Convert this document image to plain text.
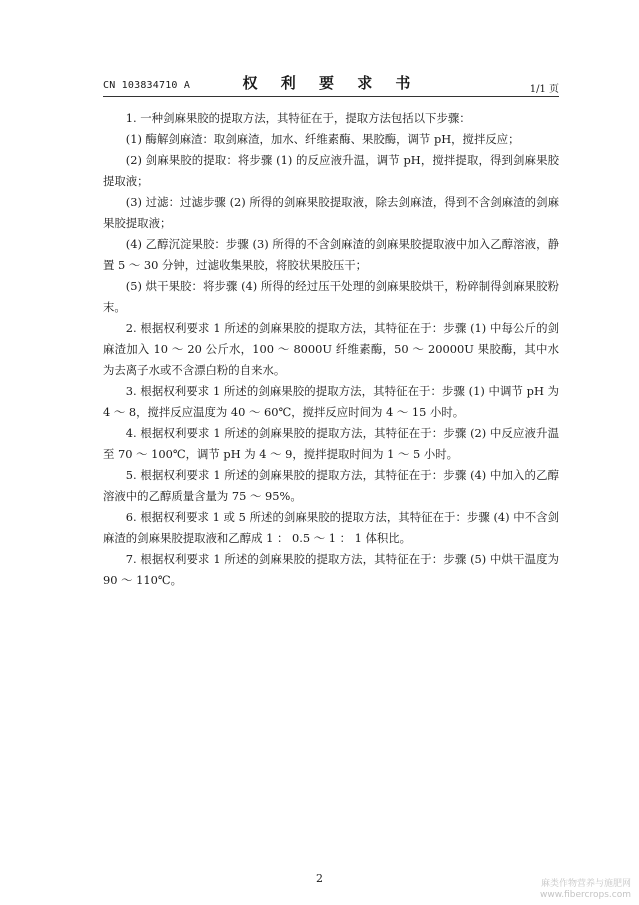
CN 103834710 A	权 利 要 求 书	1/1 页

1. 一种剑麻果胶的提取方法，其特征在于，提取方法包括以下步骤：

(1) 酶解剑麻渣：取剑麻渣，加水、纤维素酶、果胶酶，调节 pH，搅拌反应；

(2) 剑麻果胶的提取：将步骤 (1) 的反应液升温，调节 pH，搅拌提取，得到剑麻果胶提取液；

(3) 过滤：过滤步骤 (2) 所得的剑麻果胶提取液，除去剑麻渣，得到不含剑麻渣的剑麻果胶提取液；

(4) 乙醇沉淀果胶：步骤 (3) 所得的不含剑麻渣的剑麻果胶提取液中加入乙醇溶液，静置 5 ～ 30 分钟，过滤收集果胶，将胶状果胶压干；

(5) 烘干果胶：将步骤 (4) 所得的经过压干处理的剑麻果胶烘干，粉碎制得剑麻果胶粉末。

2. 根据权利要求 1 所述的剑麻果胶的提取方法，其特征在于：步骤 (1) 中每公斤的剑麻渣加入 10 ～ 20 公斤水，100 ～ 8000U 纤维素酶，50 ～ 20000U 果胶酶，其中水为去离子水或不含漂白粉的自来水。

3. 根据权利要求 1 所述的剑麻果胶的提取方法，其特征在于：步骤 (1) 中调节 pH 为 4 ～ 8，搅拌反应温度为 40 ～ 60℃，搅拌反应时间为 4 ～ 15 小时。

4. 根据权利要求 1 所述的剑麻果胶的提取方法，其特征在于：步骤 (2) 中反应液升温至 70 ～ 100℃，调节 pH 为 4 ～ 9，搅拌提取时间为 1 ～ 5 小时。

5. 根据权利要求 1 所述的剑麻果胶的提取方法，其特征在于：步骤 (4) 中加入的乙醇溶液中的乙醇质量含量为 75 ～ 95%。

6. 根据权利要求 1 或 5 所述的剑麻果胶的提取方法，其特征在于：步骤 (4) 中不含剑麻渣的剑麻果胶提取液和乙醇成 1 ： 0.5 ～ 1 ： 1 体积比。

7. 根据权利要求 1 所述的剑麻果胶的提取方法，其特征在于：步骤 (5) 中烘干温度为 90 ～ 110℃。

2	麻类作物营养与施肥网
www.fibercrops.com
